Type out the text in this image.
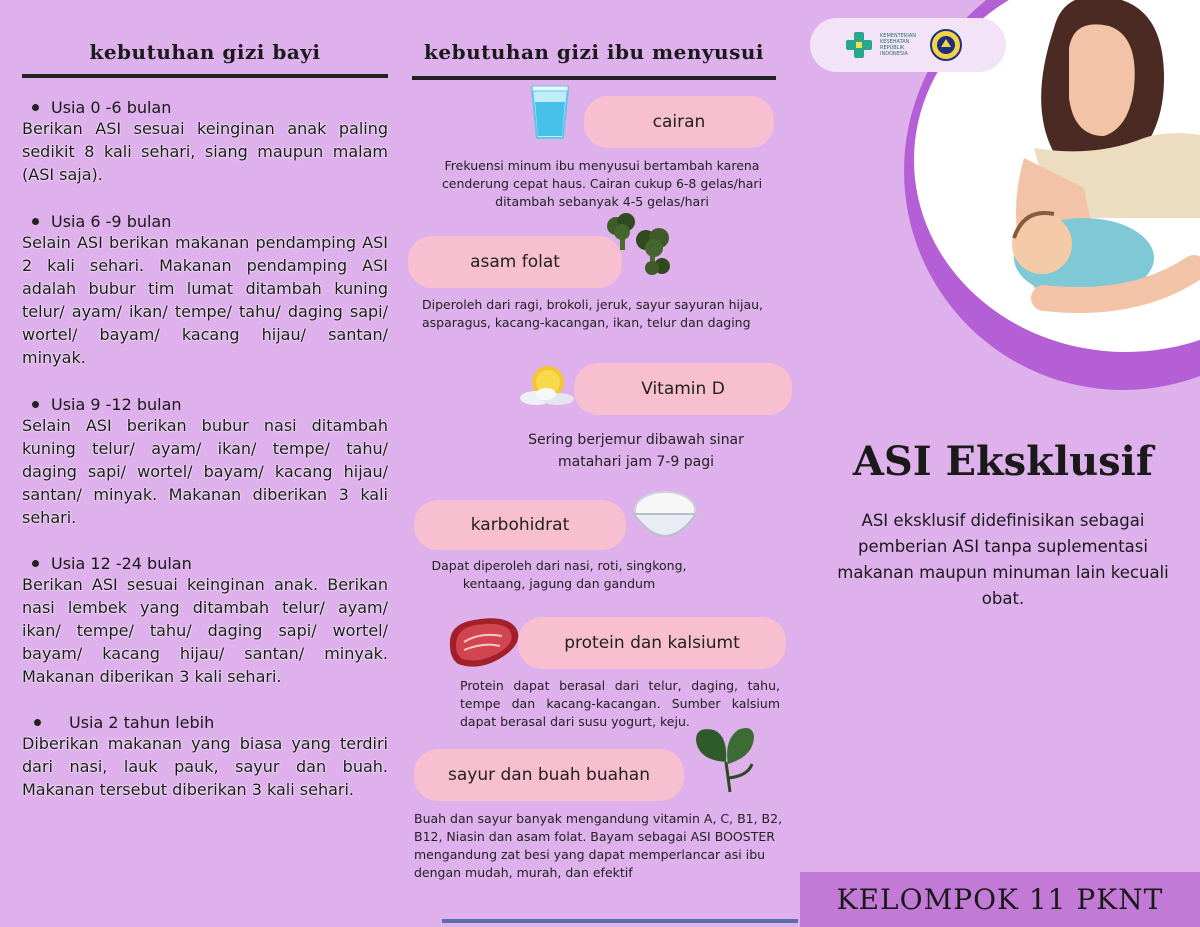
kebutuhan gizi bayi
Usia 0 -6 bulan
Berikan ASI sesuai keinginan anak paling sedikit 8 kali sehari, siang maupun malam (ASI saja).
Usia 6 -9 bulan
Selain ASI berikan makanan pendamping ASI 2 kali sehari. Makanan pendamping ASI adalah bubur tim lumat ditambah kuning telur/ ayam/ ikan/ tempe/ tahu/ daging sapi/ wortel/ bayam/ kacang hijau/ santan/ minyak.
Usia 9 -12 bulan
Selain ASI berikan bubur nasi ditambah kuning telur/ ayam/ ikan/ tempe/ tahu/ daging sapi/ wortel/ bayam/ kacang hijau/ santan/ minyak. Makanan diberikan 3 kali sehari.
Usia 12 -24 bulan
Berikan ASI sesuai keinginan anak. Berikan nasi lembek yang ditambah telur/ ayam/ ikan/ tempe/ tahu/ daging sapi/ wortel/ bayam/ kacang hijau/ santan/ minyak. Makanan diberikan 3 kali sehari.
Usia 2 tahun lebih
Diberikan makanan yang biasa yang terdiri dari nasi, lauk pauk, sayur dan buah. Makanan tersebut diberikan 3 kali sehari.
kebutuhan gizi ibu menyusui
cairan
Frekuensi minum ibu menyusui bertambah karena cenderung cepat haus. Cairan cukup 6-8 gelas/hari ditambah sebanyak 4-5 gelas/hari
asam folat
Diperoleh dari ragi, brokoli, jeruk, sayur sayuran hijau, asparagus, kacang-kacangan, ikan, telur dan daging
Vitamin D
Sering berjemur dibawah sinar matahari jam 7-9 pagi
karbohidrat
Dapat diperoleh dari nasi, roti, singkong, kentaang, jagung dan gandum
protein dan kalsiumt
Protein dapat berasal dari telur, daging, tahu, tempe dan kacang-kacangan. Sumber kalsium dapat berasal dari susu yogurt, keju.
sayur dan buah buahan
Buah dan sayur banyak mengandung vitamin A, C, B1, B2, B12, Niasin dan asam folat. Bayam sebagai ASI BOOSTER mengandung zat besi yang dapat memperlancar asi ibu dengan mudah, murah, dan efektif
KEMENTERIAN KESEHATAN REPUBLIK INDONESIA
ASI Eksklusif
ASI eksklusif didefinisikan sebagai pemberian ASI tanpa suplementasi makanan maupun minuman lain kecuali obat.
KELOMPOK 11 PKNT
